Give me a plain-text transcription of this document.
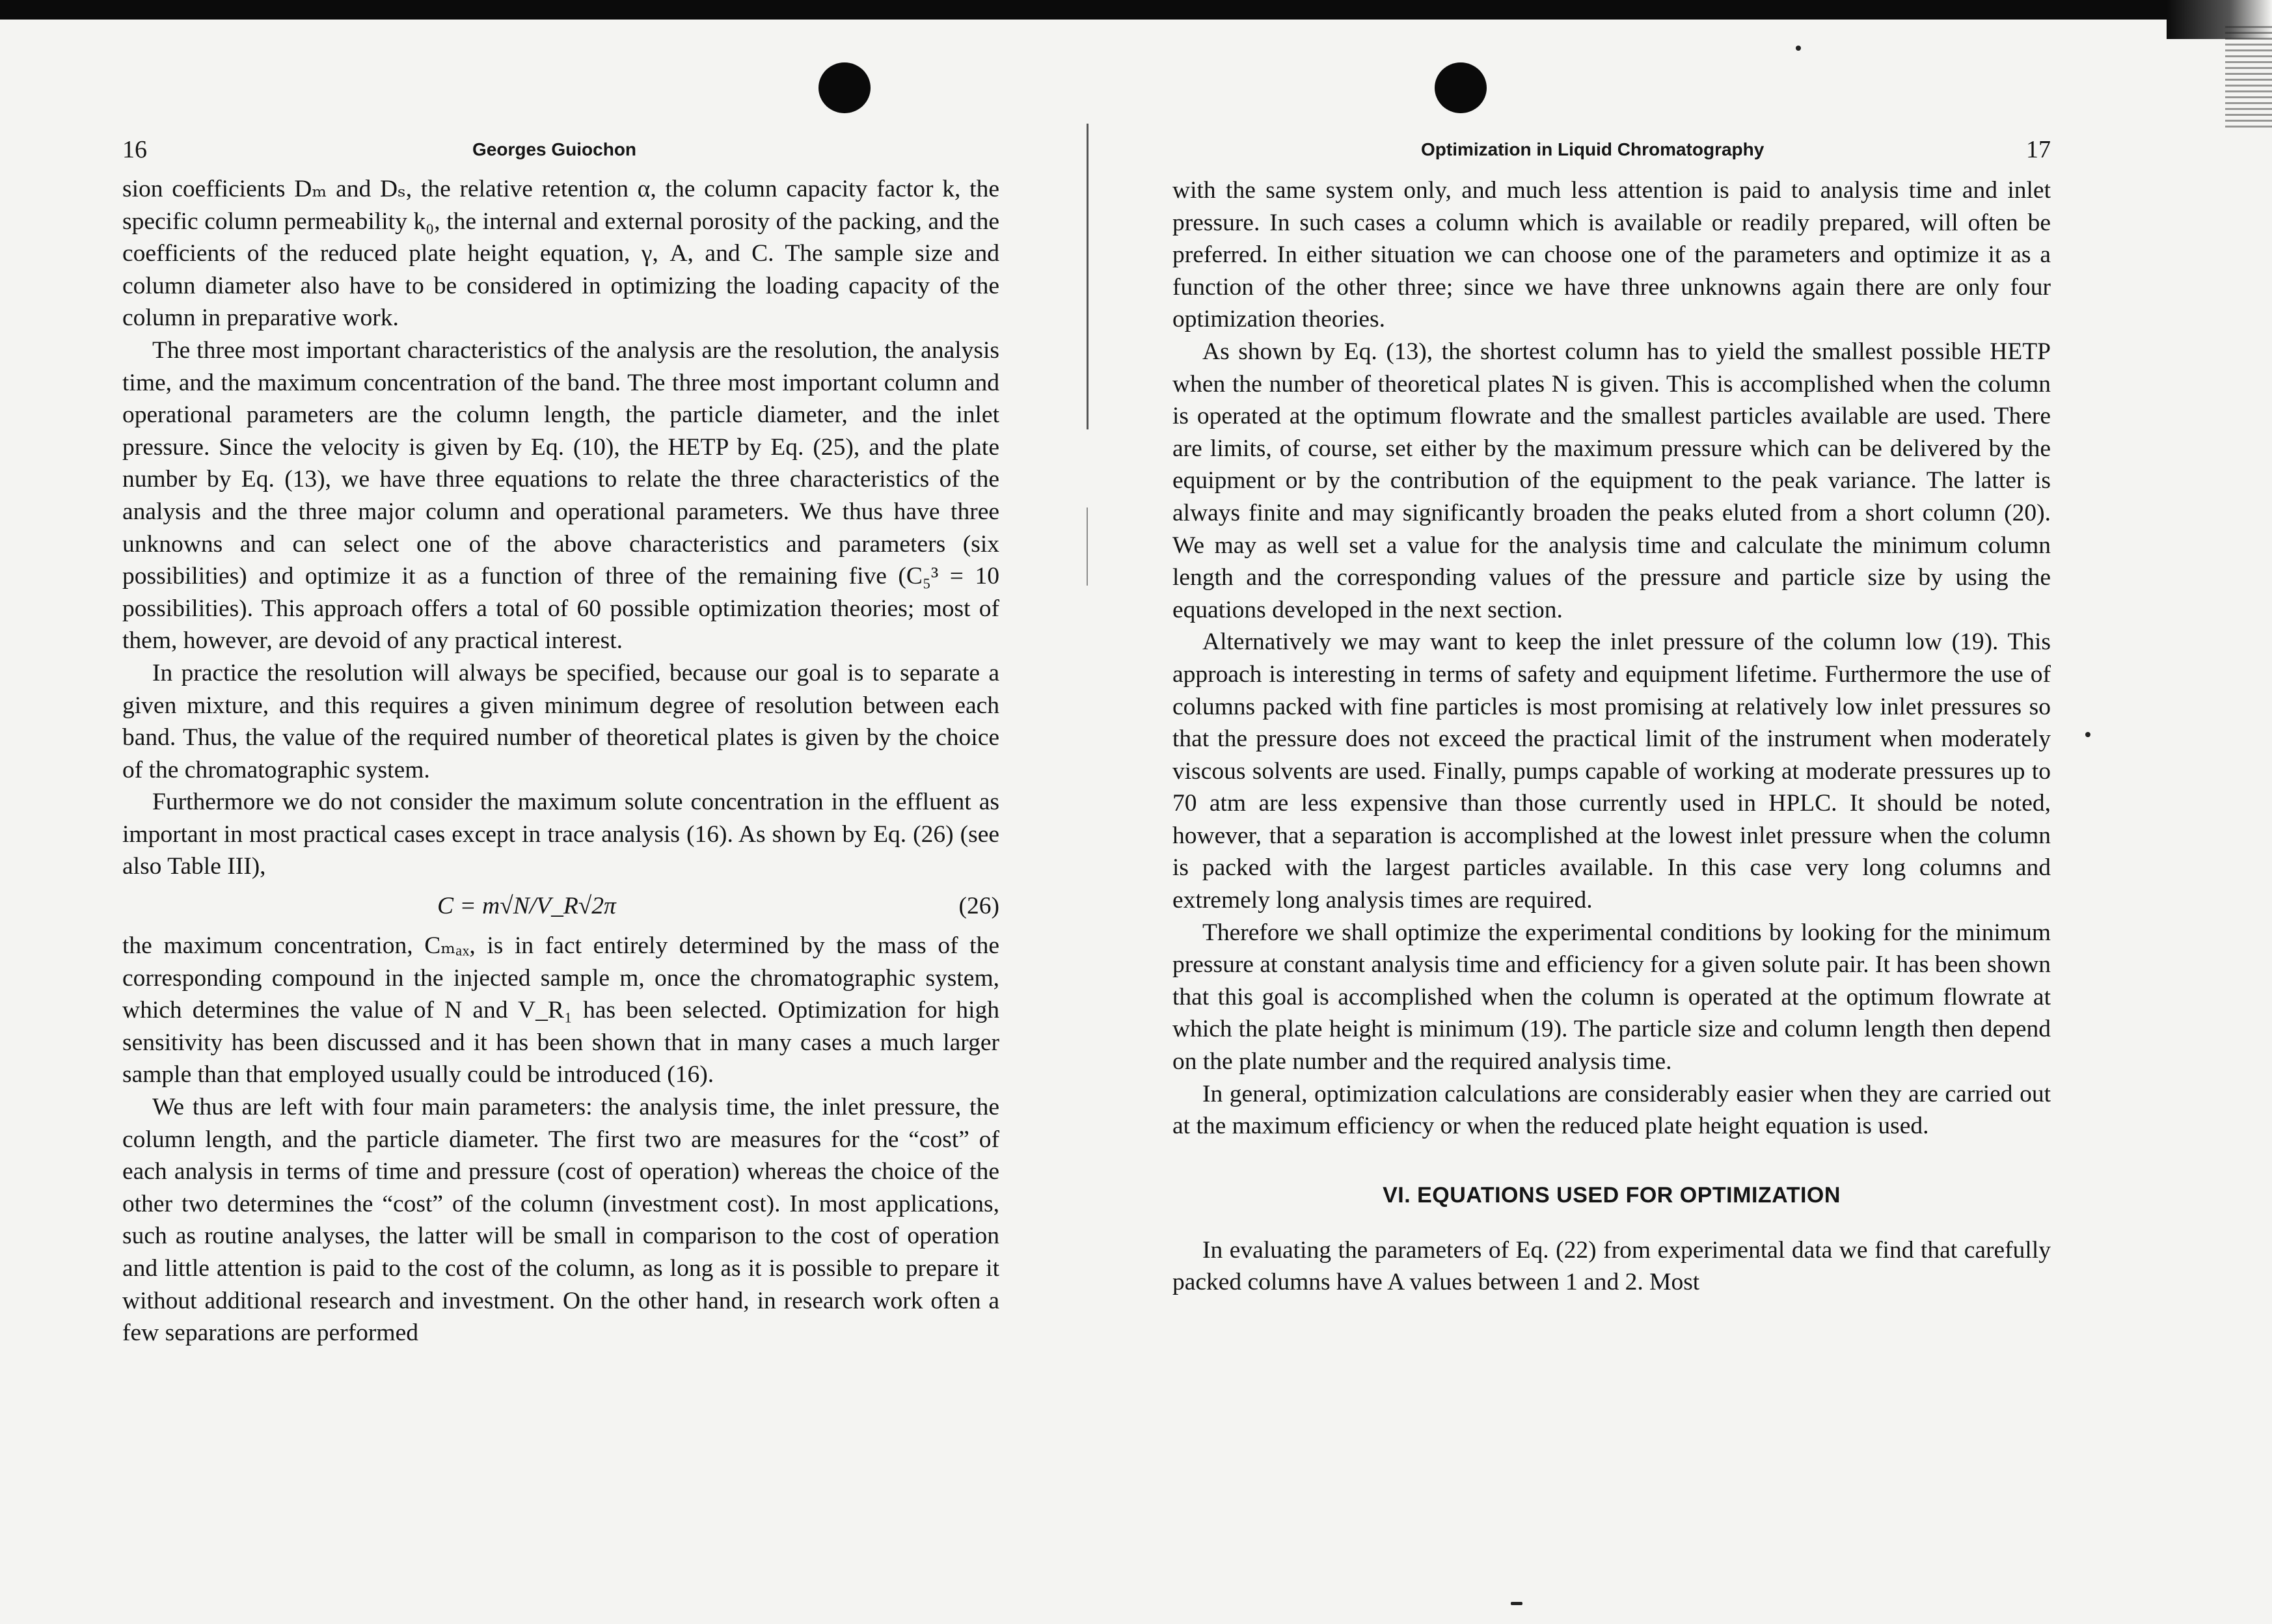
16	Georges Guiochon

sion coefficients Dₘ and Dₛ, the relative retention α, the column capacity factor k, the specific column permeability k₀, the internal and external porosity of the packing, and the coefficients of the reduced plate height equation, γ, A, and C. The sample size and column diameter also have to be considered in optimizing the loading capacity of the column in preparative work.

The three most important characteristics of the analysis are the resolution, the analysis time, and the maximum concentration of the band. The three most important column and operational parameters are the column length, the particle diameter, and the inlet pressure. Since the velocity is given by Eq. (10), the HETP by Eq. (25), and the plate number by Eq. (13), we have three equations to relate the three characteristics of the analysis and the three major column and operational parameters. We thus have three unknowns and can select one of the above characteristics and parameters (six possibilities) and optimize it as a function of three of the remaining five (C₅³ = 10 possibilities). This approach offers a total of 60 possible optimization theories; most of them, however, are devoid of any practical interest.

In practice the resolution will always be specified, because our goal is to separate a given mixture, and this requires a given minimum degree of resolution between each band. Thus, the value of the required number of theoretical plates is given by the choice of the chromatographic system.

Furthermore we do not consider the maximum solute concentration in the effluent as important in most practical cases except in trace analysis (16). As shown by Eq. (26) (see also Table III),

C = m√N/V_R√2π	(26)

the maximum concentration, Cₘₐₓ, is in fact entirely determined by the mass of the corresponding compound in the injected sample m, once the chromatographic system, which determines the value of N and V_R₁ has been selected. Optimization for high sensitivity has been discussed and it has been shown that in many cases a much larger sample than that employed usually could be introduced (16).

We thus are left with four main parameters: the analysis time, the inlet pressure, the column length, and the particle diameter. The first two are measures for the “cost” of each analysis in terms of time and pressure (cost of operation) whereas the choice of the other two determines the “cost” of the column (investment cost). In most applications, such as routine analyses, the latter will be small in comparison to the cost of operation and little attention is paid to the cost of the column, as long as it is possible to prepare it without additional research and investment. On the other hand, in research work often a few separations are performed

Optimization in Liquid Chromatography	17

with the same system only, and much less attention is paid to analysis time and inlet pressure. In such cases a column which is available or readily prepared, will often be preferred. In either situation we can choose one of the parameters and optimize it as a function of the other three; since we have three unknowns again there are only four optimization theories.

As shown by Eq. (13), the shortest column has to yield the smallest possible HETP when the number of theoretical plates N is given. This is accomplished when the column is operated at the optimum flowrate and the smallest particles available are used. There are limits, of course, set either by the maximum pressure which can be delivered by the equipment or by the contribution of the equipment to the peak variance. The latter is always finite and may significantly broaden the peaks eluted from a short column (20). We may as well set a value for the analysis time and calculate the minimum column length and the corresponding values of the pressure and particle size by using the equations developed in the next section.

Alternatively we may want to keep the inlet pressure of the column low (19). This approach is interesting in terms of safety and equipment lifetime. Furthermore the use of columns packed with fine particles is most promising at relatively low inlet pressures so that the pressure does not exceed the practical limit of the instrument when moderately viscous solvents are used. Finally, pumps capable of working at moderate pressures up to 70 atm are less expensive than those currently used in HPLC. It should be noted, however, that a separation is accomplished at the lowest inlet pressure when the column is packed with the largest particles available. In this case very long columns and extremely long analysis times are required.

Therefore we shall optimize the experimental conditions by looking for the minimum pressure at constant analysis time and efficiency for a given solute pair. It has been shown that this goal is accomplished when the column is operated at the optimum flowrate at which the plate height is minimum (19). The particle size and column length then depend on the plate number and the required analysis time.

In general, optimization calculations are considerably easier when they are carried out at the maximum efficiency or when the reduced plate height equation is used.

VI. EQUATIONS USED FOR OPTIMIZATION

In evaluating the parameters of Eq. (22) from experimental data we find that carefully packed columns have A values between 1 and 2. Most
